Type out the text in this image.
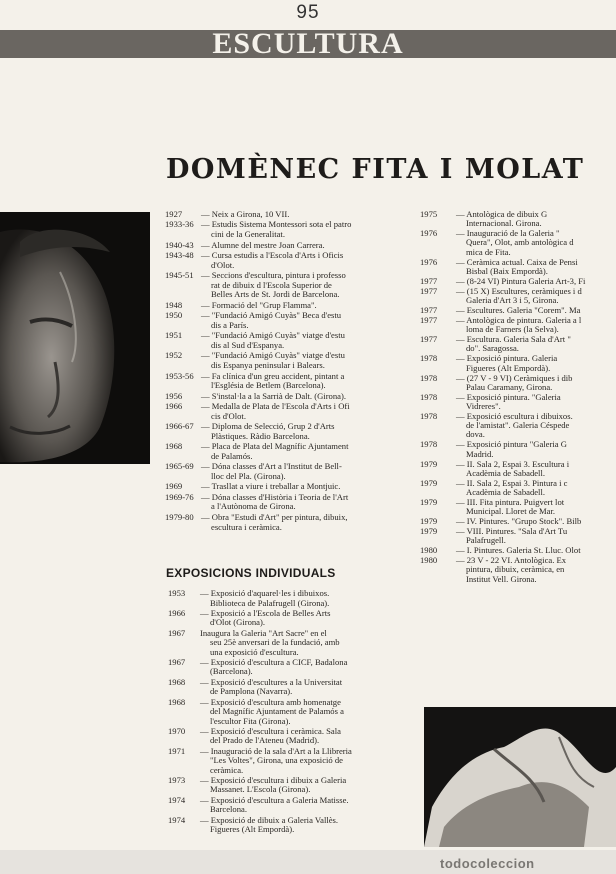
95
ESCULTURA
DOMÈNEC FITA I MOLAT
1927 — Neix a Girona, 10 VII.
1933-36 — Estudis Sistema Montessori sota el patro
cini de la Generalitat.
1940-43 — Alumne del mestre Joan Carrera.
1943-48 — Cursa estudis a l'Escola d'Arts i Oficis
d'Olot.
1945-51 — Seccions d'escultura, pintura i professo
rat de dibuix d l'Escola Superior de
Belles Arts de St. Jordi de Barcelona.
1948 — Formació del "Grup Flamma".
1950 — "Fundació Amigó Cuyàs" Beca d'estu
dis a París.
1951 — "Fundació Amigó Cuyàs" viatge d'estu
dis al Sud d'Espanya.
1952 — "Fundació Amigó Cuyàs" viatge d'estu
dis Espanya peninsular i Balears.
1953-56 — Fa clínica d'un greu accident, pintant a
l'Església de Betlem (Barcelona).
1956 — S'instal·la a la Sarrià de Dalt. (Girona).
1966 — Medalla de Plata de l'Escola d'Arts i Ofi
cis d'Olot.
1966-67 — Diploma de Selecció, Grup 2 d'Arts
Plàstiques. Ràdio Barcelona.
1968 — Placa de Plata del Magnífic Ajuntament
de Palamós.
1965-69 — Dóna classes d'Art a l'Institut de Bell-
lloc del Pla. (Girona).
1969 — Trasllat a viure i treballar a Montjuic.
1969-76 — Dóna classes d'Història i Teoria de l'Art
a l'Autònoma de Girona.
1979-80 — Obra "Estudi d'Art" per pintura, dibuix,
escultura i ceràmica.
EXPOSICIONS INDIVIDUALS
1953 — Exposició d'aquarel·les i dibuixos.
Biblioteca de Palafrugell (Girona).
1966 — Exposició a l'Escola de Belles Arts
d'Olot (Girona).
1967 Inaugura la Galeria "Art Sacre" en el
seu 25è anversari de la fundació, amb
una exposició d'escultura.
1967 — Exposició d'escultura a CICF, Badalona
(Barcelona).
1968 — Exposició d'escultures a la Universitat
de Pamplona (Navarra).
1968 — Exposició d'escultura amb homenatge
del Magnífic Ajuntament de Palamós a
l'escultor Fita (Girona).
1970 — Exposició d'escultura i ceràmica. Sala
del Prado de l'Ateneu (Madrid).
1971 — Inauguració de la sala d'Art a la Llibreria
"Les Voltes", Girona, una exposició de
ceràmica.
1973 — Exposició d'escultura i dibuix a Galeria
Massanet. L'Escola (Girona).
1974 — Exposició d'escultura a Galeria Matisse.
Barcelona.
1974 — Exposició de dibuix a Galeria Vallès.
Figueres (Alt Empordà).
1975 — Antològica de dibuix G
Internacional. Girona.
1976 — Inauguració de la Galeria "
Quera", Olot, amb antològica d
mica de Fita.
1976 — Ceràmica actual. Caixa de Pensi
Bisbal (Baix Empordà).
1977 — (8-24 VI) Pintura Galeria Art-3, Fi
1977 — (15 X) Escultures, ceràmiques i d
Galeria d'Art 3 i 5, Girona.
1977 — Escultures. Galeria "Corem". Ma
1977 — Antològica de pintura. Galeria a l
loma de Farners (la Selva).
1977 — Escultura. Galeria Sala d'Art "
do". Saragossa.
1978 — Exposició pintura. Galeria
Figueres (Alt Empordà).
1978 — (27 V - 9 VI) Ceràmiques i dib
Palau Caramany, Girona.
1978 — Exposició pintura. "Galeria
Vidreres".
1978 — Exposició escultura i dibuixos.
de l'amistat". Galeria Céspede
dova.
1978 — Exposició pintura "Galeria G
Madrid.
1979 — II. Sala 2, Espai 3. Escultura i
Acadèmia de Sabadell.
1979 — II. Sala 2, Espai 3. Pintura i c
Acadèmia de Sabadell.
1979 — III. Fita pintura. Puigvert lot
Municipal. Lloret de Mar.
1979 — IV. Pintures. "Grupo Stock". Bilb
1979 — VIII. Pintures. "Sala d'Art Tu
Palafrugell.
1980 — I. Pintures. Galeria St. Lluc. Olot
1980 — 23 V - 22 VI. Antològica. Ex
pintura, dibuix, ceràmica, en
Institut Vell. Girona.
todocoleccion
